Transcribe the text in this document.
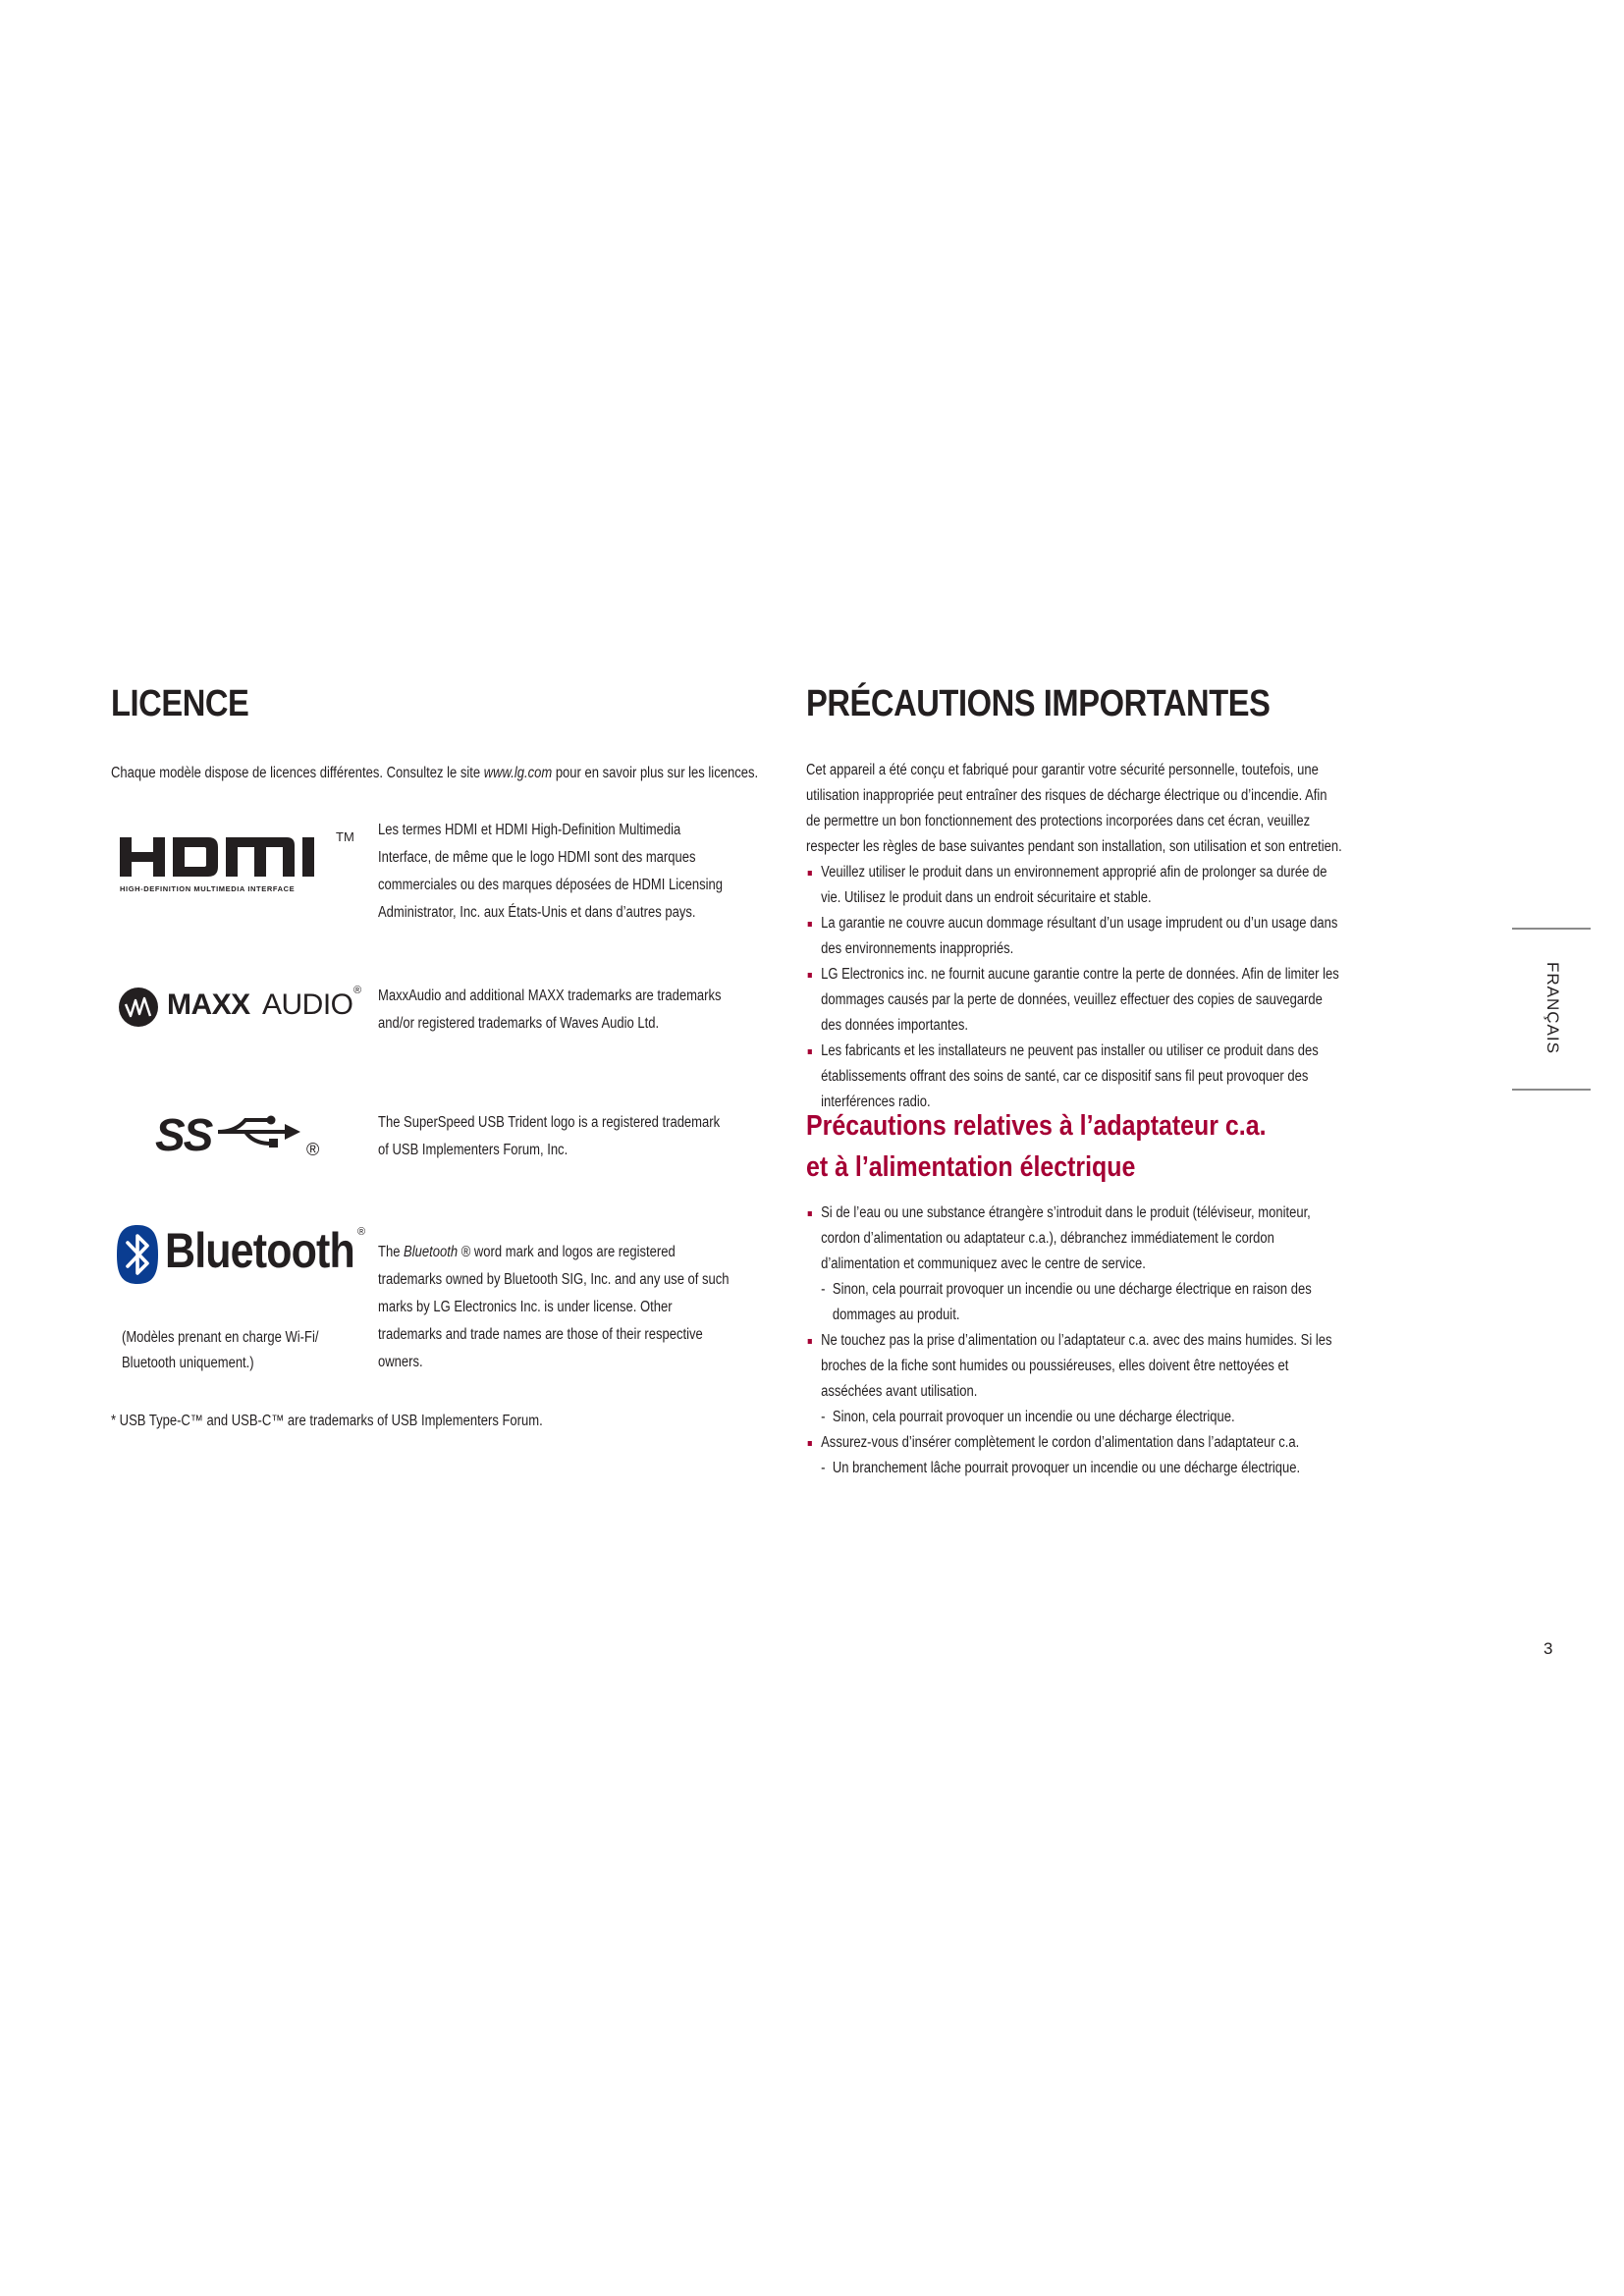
LICENCE
Chaque modèle dispose de licences différentes. Consultez le site www.lg.com pour en savoir plus sur les licences.
TM
HIGH-DEFINITION MULTIMEDIA INTERFACE
Les termes HDMI et HDMI High-Definition Multimedia Interface, de même que le logo HDMI sont des marques commerciales ou des marques déposées de HDMI Licensing Administrator, Inc. aux États-Unis et dans d’autres pays.
MAXX AUDIO ® MaxxAudio and additional MAXX trademarks are trademarks and/or registered trademarks of Waves Audio Ltd.
SS	®
The SuperSpeed USB Trident logo is a registered trademark of USB Implementers Forum, Inc.
Bluetooth ®
The Bluetooth ® word mark and logos are registered trademarks owned by Bluetooth SIG, Inc. and any use of such marks by LG Electronics Inc. is under license. Other trademarks and trade names are those of their respective owners.
(Modèles prenant en charge Wi-Fi/ Bluetooth uniquement.)
* USB Type-C™ and USB-C™ are trademarks of USB Implementers Forum.
PRÉCAUTIONS IMPORTANTES
Cet appareil a été conçu et fabriqué pour garantir votre sécurité personnelle, toutefois, une utilisation inappropriée peut entraîner des risques de décharge électrique ou d’incendie. Afin de permettre un bon fonctionnement des protections incorporées dans cet écran, veuillez respecter les règles de base suivantes pendant son installation, son utilisation et son entretien.
Veuillez utiliser le produit dans un environnement approprié afin de prolonger sa durée de vie. Utilisez le produit dans un endroit sécuritaire et stable.
La garantie ne couvre aucun dommage résultant d’un usage imprudent ou d’un usage dans des environnements inappropriés.
LG Electronics inc. ne fournit aucune garantie contre la perte de données. Afin de limiter les dommages causés par la perte de données, veuillez effectuer des copies de sauvegarde des données importantes.
Les fabricants et les installateurs ne peuvent pas installer ou utiliser ce produit dans des établissements offrant des soins de santé, car ce dispositif sans fil peut provoquer des interférences radio.
Précautions relatives à l’adaptateur c.a. et à l’alimentation électrique
Si de l’eau ou une substance étrangère s’introduit dans le produit (téléviseur, moniteur, cordon d’alimentation ou adaptateur c.a.), débranchez immédiatement le cordon d’alimentation et communiquez avec le centre de service.
- Sinon, cela pourrait provoquer un incendie ou une décharge électrique en raison des dommages au produit.
Ne touchez pas la prise d’alimentation ou l’adaptateur c.a. avec des mains humides. Si les broches de la fiche sont humides ou poussiéreuses, elles doivent être nettoyées et asséchées avant utilisation.
- Sinon, cela pourrait provoquer un incendie ou une décharge électrique.
Assurez-vous d’insérer complètement le cordon d’alimentation dans l’adaptateur c.a.
- Un branchement lâche pourrait provoquer un incendie ou une décharge électrique.
FRANÇAIS
3
